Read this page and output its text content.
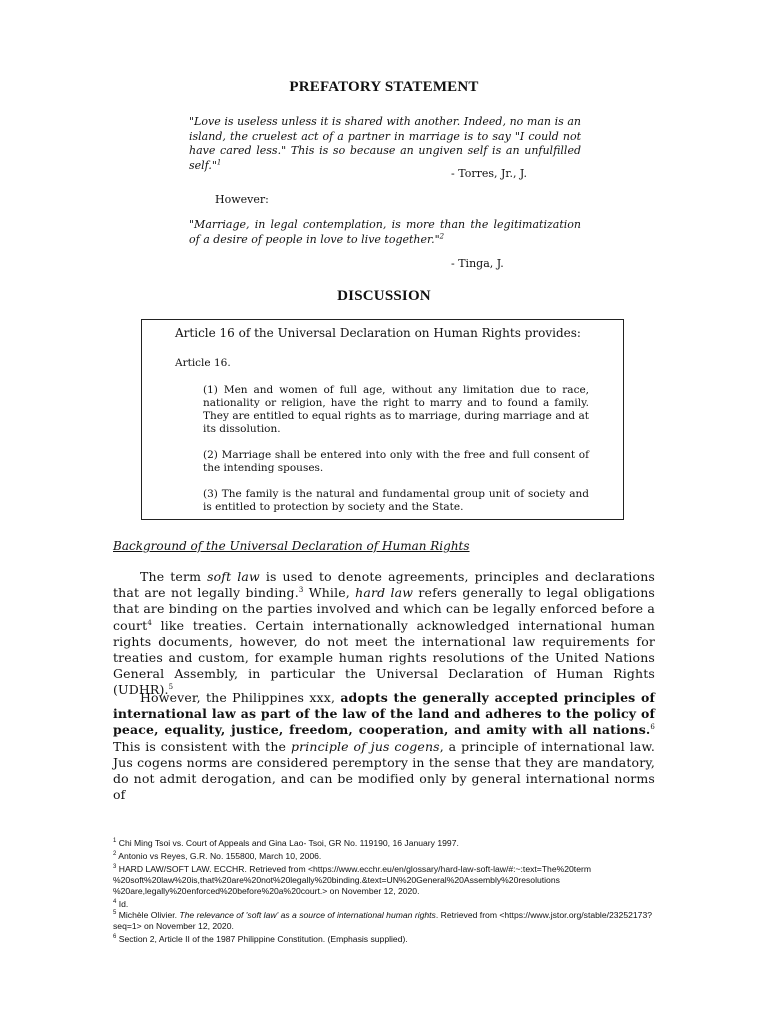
PREFATORY STATEMENT
"Love is useless unless it is shared with another. Indeed, no man is an island, the cruelest act of a partner in marriage is to say "I could not have cared less." This is so because an ungiven self is an unfulfilled self."$^1$
- Torres, Jr., J.
However:
"Marriage, in legal contemplation, is more than the legitimatization of a desire of people in love to live together."$^2$
- Tinga, J.
DISCUSSION
Article 16 of the Universal Declaration on Human Rights provides:
Article 16.
(1) Men and women of full age, without any limitation due to race, nationality or religion, have the right to marry and to found a family. They are entitled to equal rights as to marriage, during marriage and at its dissolution.
(2) Marriage shall be entered into only with the free and full consent of the intending spouses.
(3) The family is the natural and fundamental group unit of society and is entitled to protection by society and the State.
Background of the Universal Declaration of Human Rights
The term soft law is used to denote agreements, principles and declarations that are not legally binding.$^3$ While, hard law refers generally to legal obligations that are binding on the parties involved and which can be legally enforced before a court$^4$ like treaties. Certain internationally acknowledged international human rights documents, however, do not meet the international law requirements for treaties and custom, for example human rights resolutions of the United Nations General Assembly, in particular the Universal Declaration of Human Rights (UDHR).$^5$
However, the Philippines xxx, adopts the generally accepted principles of international law as part of the law of the land and adheres to the policy of peace, equality, justice, freedom, cooperation, and amity with all nations.$^6$ This is consistent with the principle of jus cogens, a principle of international law. Jus cogens norms are considered peremptory in the sense that they are mandatory, do not admit derogation, and can be modified only by general international norms of
$^1$ Chi Ming Tsoi vs. Court of Appeals and Gina Lao- Tsoi, GR No. 119190, 16 January 1997.
$^2$ Antonio vs Reyes, G.R. No. 155800, March 10, 2006.
$^3$ HARD LAW/SOFT LAW. ECCHR. Retrieved from <https://www.ecchr.eu/en/glossary/hard-law-soft-law/#:~:text=The%20term %20soft%20law%20is,that%20are%20not%20legally%20binding.&text=UN%20General%20Assembly%20resolutions %20are,legally%20enforced%20before%20a%20court.> on November 12, 2020.
$^4$ Id.
$^5$ Michèle Olivier. The relevance of 'soft law' as a source of international human rights. Retrieved from <https://www.jstor.org/stable/23252173?seq=1> on November 12, 2020.
$^6$ Section 2, Article II of the 1987 Philippine Constitution. (Emphasis supplied).
